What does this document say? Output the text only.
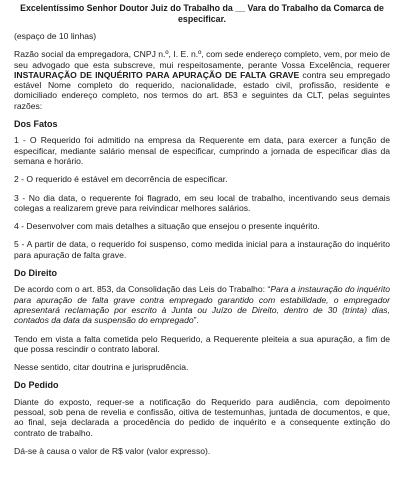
Excelentíssimo Senhor Doutor Juiz do Trabalho da __ Vara do Trabalho da Comarca de especificar.

(espaço de 10 linhas)

Razão social da empregadora, CNPJ n.º, I. E. n.º, com sede endereço completo, vem, por meio de seu advogado que esta subscreve, mui respeitosamente, perante Vossa Excelência, requerer INSTAURAÇÃO DE INQUÉRITO PARA APURAÇÃO DE FALTA GRAVE contra seu empregado estável Nome completo do requerido, nacionalidade, estado civil, profissão, residente e domiciliado endereço completo, nos termos do art. 853 e seguintes da CLT, pelas seguintes razões:

Dos Fatos

1 - O Requerido foi admitido na empresa da Requerente em data, para exercer a função de especificar, mediante salário mensal de especificar, cumprindo a jornada de especificar dias da semana e horário.

2 - O requerido é estável em decorrência de especificar.

3 - No dia data, o requerente foi flagrado, em seu local de trabalho, incentivando seus demais colegas a realizarem greve para reivindicar melhores salários.

4 - Desenvolver com mais detalhes a situação que ensejou o presente inquérito.

5 - A partir de data, o requerido foi suspenso, como medida inicial para a instauração do inquérito para apuração de falta grave.

Do Direito

De acordo com o art. 853, da Consolidação das Leis do Trabalho: “Para a instauração do inquérito para apuração de falta grave contra empregado garantido com estabilidade, o empregador apresentará reclamação por escrito à Junta ou Juízo de Direito, dentro de 30 (trinta) dias, contados da data da suspensão do empregado”.

Tendo em vista a falta cometida pelo Requerido, a Requerente pleiteia a sua apuração, a fim de que possa rescindir o contrato laboral.

Nesse sentido, citar doutrina e jurisprudência.

Do Pedido

Diante do exposto, requer-se a notificação do Requerido para audiência, com depoimento pessoal, sob pena de revelia e confissão, oitiva de testemunhas, juntada de documentos, e que, ao final, seja declarada a procedência do pedido de inquérito e a consequente extinção do contrato de trabalho.

Dá-se à causa o valor de R$ valor (valor expresso).
